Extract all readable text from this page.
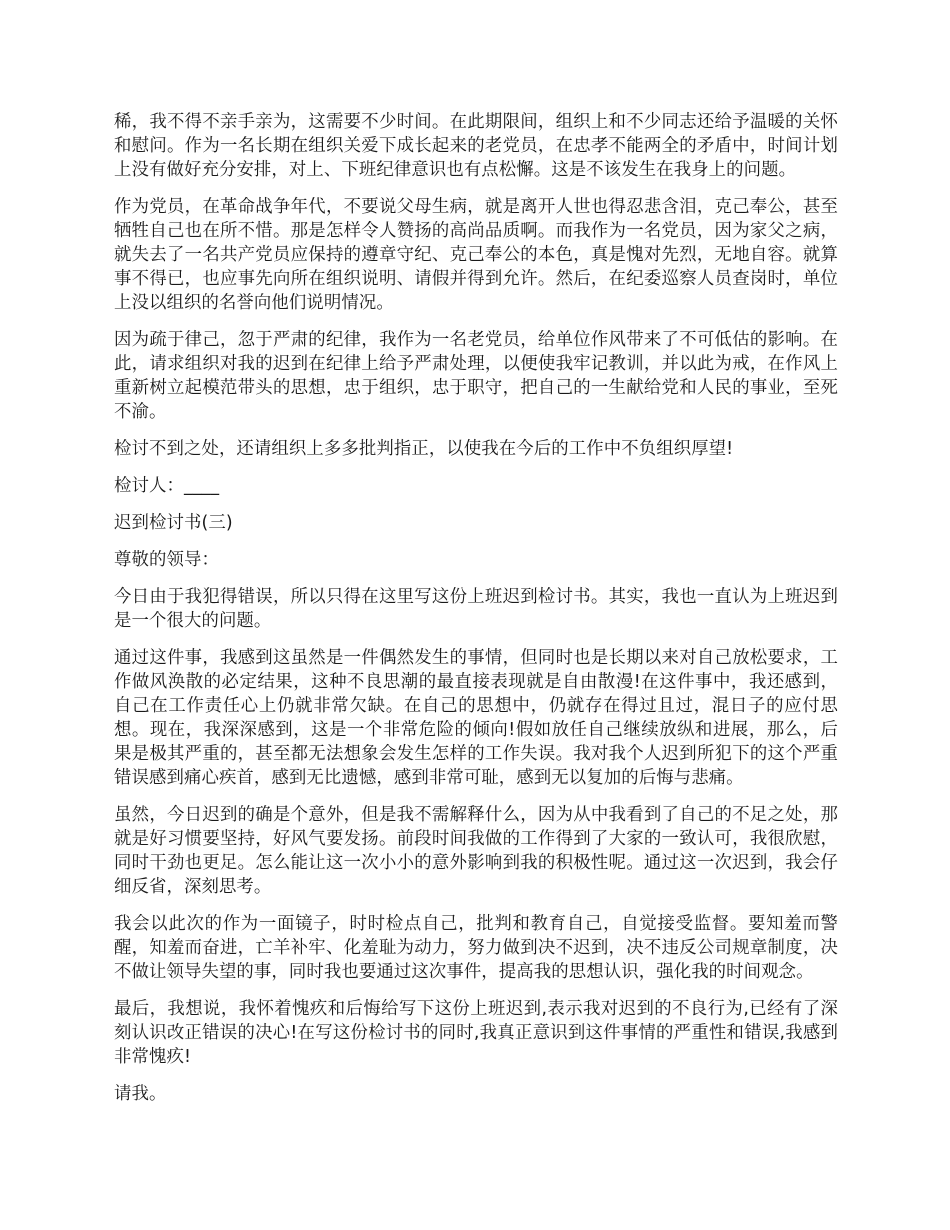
稀，我不得不亲手亲为，这需要不少时间。在此期限间，组织上和不少同志还给予温暖的关怀和慰问。作为一名长期在组织关爱下成长起来的老党员，在忠孝不能两全的矛盾中，时间计划上没有做好充分安排，对上、下班纪律意识也有点松懈。这是不该发生在我身上的问题。

作为党员，在革命战争年代，不要说父母生病，就是离开人世也得忍悲含泪，克己奉公，甚至牺牲自己也在所不惜。那是怎样令人赞扬的高尚品质啊。而我作为一名党员，因为家父之病，就失去了一名共产党员应保持的遵章守纪、克己奉公的本色，真是愧对先烈，无地自容。就算事不得已，也应事先向所在组织说明、请假并得到允许。然后，在纪委巡察人员查岗时，单位上没以组织的名誉向他们说明情况。

因为疏于律己，忽于严肃的纪律，我作为一名老党员，给单位作风带来了不可低估的影响。在此，请求组织对我的迟到在纪律上给予严肃处理，以便使我牢记教训，并以此为戒，在作风上重新树立起模范带头的思想，忠于组织，忠于职守，把自己的一生献给党和人民的事业，至死不渝。

检讨不到之处，还请组织上多多批判指正，以使我在今后的工作中不负组织厚望!

检讨人：____

迟到检讨书(三)

尊敬的领导：

今日由于我犯得错误，所以只得在这里写这份上班迟到检讨书。其实，我也一直认为上班迟到是一个很大的问题。

通过这件事，我感到这虽然是一件偶然发生的事情，但同时也是长期以来对自己放松要求，工作做风涣散的必定结果，这种不良思潮的最直接表现就是自由散漫!在这件事中，我还感到，自己在工作责任心上仍就非常欠缺。在自己的思想中，仍就存在得过且过，混日子的应付思想。现在，我深深感到，这是一个非常危险的倾向!假如放任自己继续放纵和进展，那么，后果是极其严重的，甚至都无法想象会发生怎样的工作失误。我对我个人迟到所犯下的这个严重错误感到痛心疾首，感到无比遗憾，感到非常可耻，感到无以复加的后悔与悲痛。

虽然，今日迟到的确是个意外，但是我不需解释什么，因为从中我看到了自己的不足之处，那就是好习惯要坚持，好风气要发扬。前段时间我做的工作得到了大家的一致认可，我很欣慰，同时干劲也更足。怎么能让这一次小小的意外影响到我的积极性呢。通过这一次迟到，我会仔细反省，深刻思考。

我会以此次的作为一面镜子，时时检点自己，批判和教育自己，自觉接受监督。要知羞而警醒，知羞而奋进，亡羊补牢、化羞耻为动力，努力做到决不迟到，决不违反公司规章制度，决不做让领导失望的事，同时我也要通过这次事件，提高我的思想认识，强化我的时间观念。

最后，我想说，我怀着愧疚和后悔给写下这份上班迟到,表示我对迟到的不良行为,已经有了深刻认识改正错误的决心!在写这份检讨书的同时,我真正意识到这件事情的严重性和错误,我感到非常愧疚!

请我。
